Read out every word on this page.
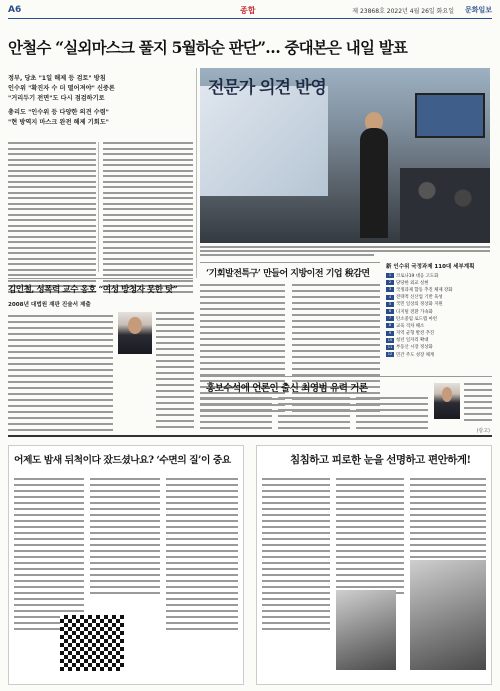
A6	종합	제 23868호 2022년 4월 26일 화요일 문화일보
안철수 “실외마스크 풀지 5월하순 판단”… 중대본은 내일 발표
정부, 당초 "1일 해제 등 검토" 방침
인수위 "확진자 수 더 떨어져야" 신중론
"거리두기 전면"도 다시 점검하기로
총리도 "인수위 등 다양한 의견 수렴"
"현 방역지 마스크 완전 해제 기회도"
전문가 의견 반영
‘기회발전특구’ 만들어 지방이전 기업 稅감면
新 인수위 국정과제 110대 세부계획
1	코로나19 대응 고도화
2	당당한 외교 실현
3	국정과제 합동 추진 체제 강화
4	전략적 신산업 기반 육성
5	국민 일상의 정상화 지원
6	디지털 전환 가속화
7	탄소중립 로드맵 마련
8	교육 격차 해소
9	지역 균형 발전 추진
10 청년 일자리 확대
11 부동산 시장 정상화
12 민간 주도 성장 체계
김인철, 성폭력 교수 옹호 “여성 방청자 못한 탓”
2008년 대법원 재판 진술서 제출
홍보수석에 언론인 출신 최영범 유력 거론
(광고)
어제도 밤새 뒤척이다 잤드셨나요? ‘수면의 질’이 중요	침침하고 피로한 눈을 선명하고 편안하게!
